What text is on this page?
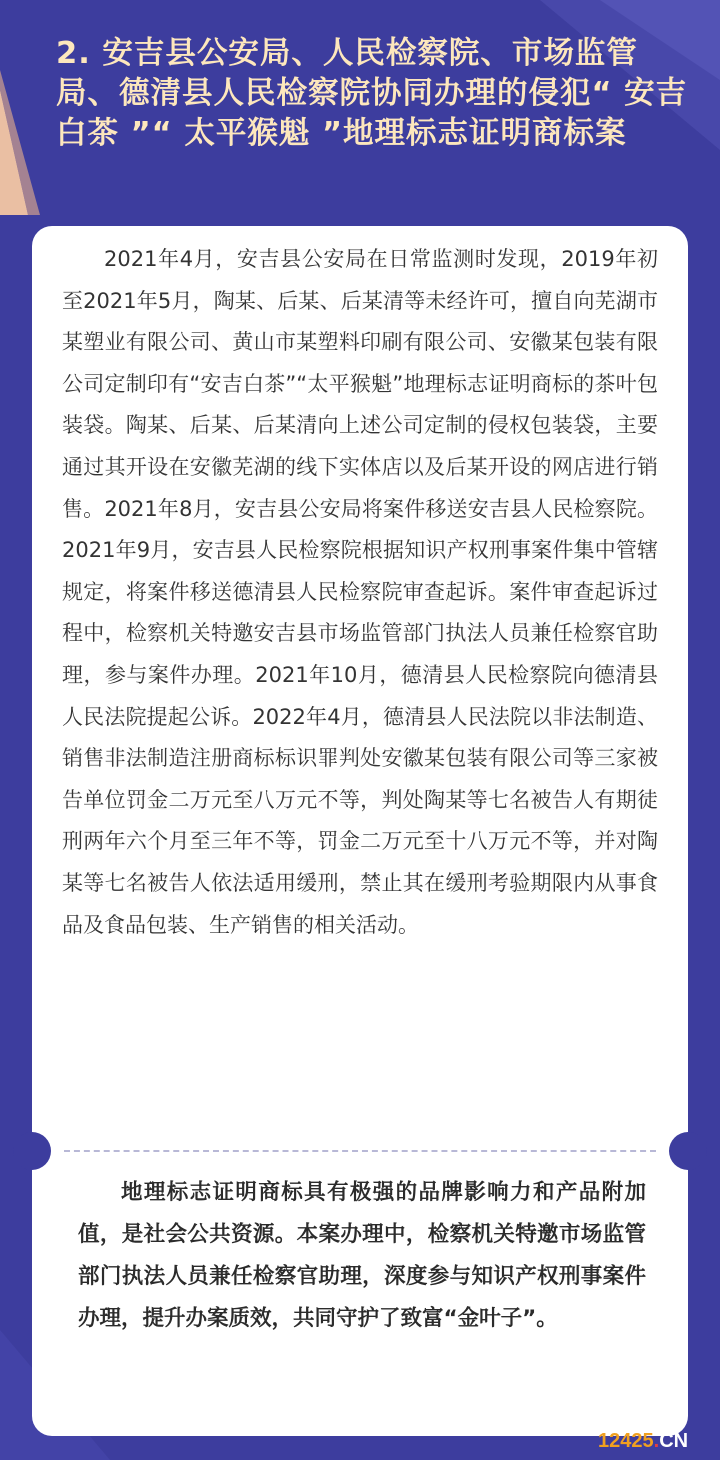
2. 安吉县公安局、人民检察院、市场监管局、德清县人民检察院协同办理的侵犯“ 安吉白茶 ”“ 太平猴魁 ”地理标志证明商标案

2021年4月，安吉县公安局在日常监测时发现，2019年初至2021年5月，陶某、后某、后某清等未经许可，擅自向芜湖市某塑业有限公司、黄山市某塑料印刷有限公司、安徽某包装有限公司定制印有“安吉白茶”“太平猴魁”地理标志证明商标的茶叶包装袋。陶某、后某、后某清向上述公司定制的侵权包装袋，主要通过其开设在安徽芜湖的线下实体店以及后某开设的网店进行销售。2021年8月，安吉县公安局将案件移送安吉县人民检察院。2021年9月，安吉县人民检察院根据知识产权刑事案件集中管辖规定，将案件移送德清县人民检察院审查起诉。案件审查起诉过程中，检察机关特邀安吉县市场监管部门执法人员兼任检察官助理，参与案件办理。2021年10月，德清县人民检察院向德清县人民法院提起公诉。2022年4月，德清县人民法院以非法制造、销售非法制造注册商标标识罪判处安徽某包装有限公司等三家被告单位罚金二万元至八万元不等，判处陶某等七名被告人有期徒刑两年六个月至三年不等，罚金二万元至十八万元不等，并对陶某等七名被告人依法适用缓刑，禁止其在缓刑考验期限内从事食品及食品包装、生产销售的相关活动。

地理标志证明商标具有极强的品牌影响力和产品附加值，是社会公共资源。本案办理中，检察机关特邀市场监管部门执法人员兼任检察官助理，深度参与知识产权刑事案件办理，提升办案质效，共同守护了致富“金叶子”。

12425.CN
